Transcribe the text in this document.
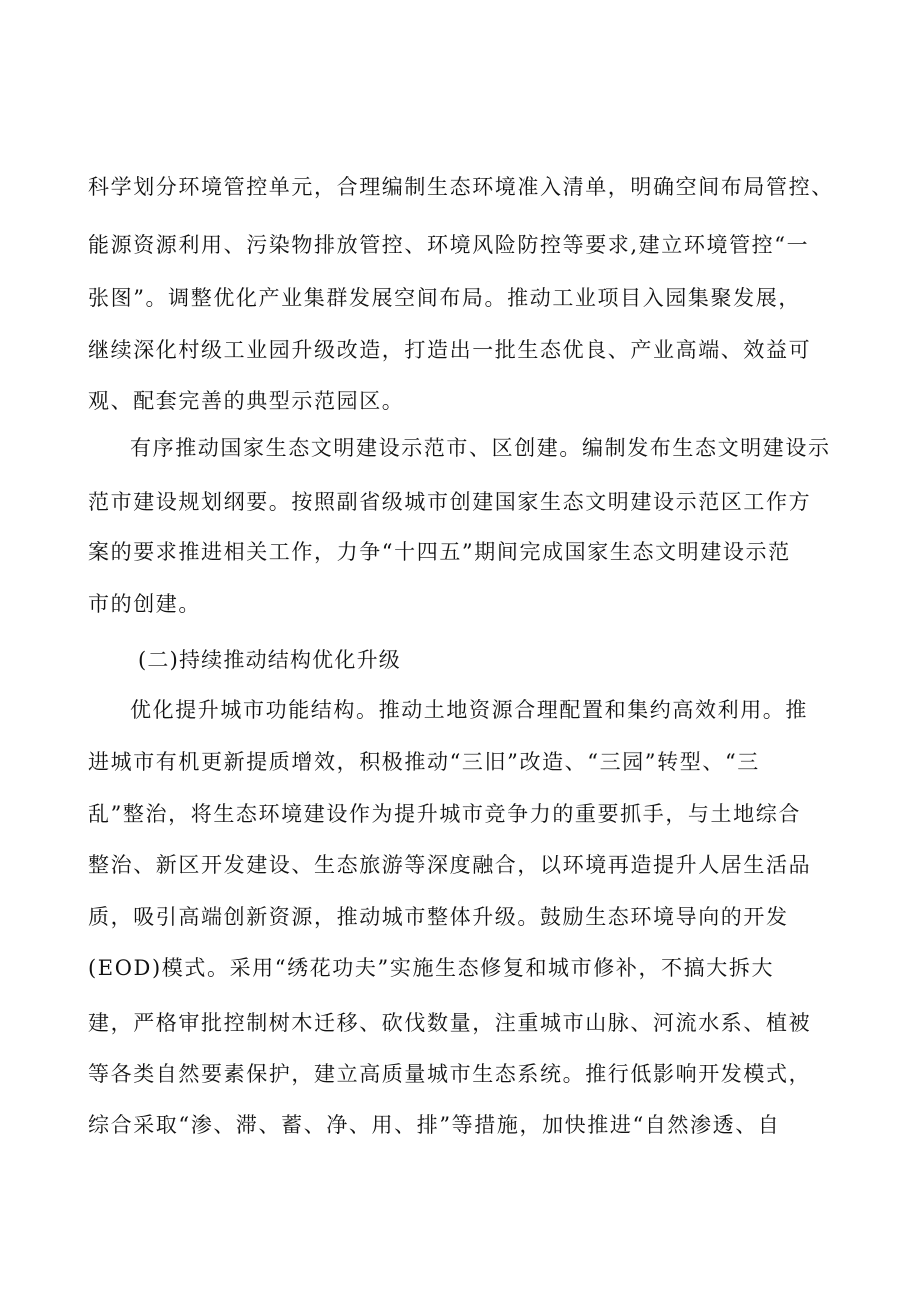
科学划分环境管控单元，合理编制生态环境准入清单，明确空间布局管控、
能源资源利用、污染物排放管控、环境风险防控等要求,建立环境管控“一
张图”。调整优化产业集群发展空间布局。推动工业项目入园集聚发展，
继续深化村级工业园升级改造，打造出一批生态优良、产业高端、效益可
观、配套完善的典型示范园区。
有序推动国家生态文明建设示范市、区创建。编制发布生态文明建设示
范市建设规划纲要。按照副省级城市创建国家生态文明建设示范区工作方
案的要求推进相关工作，力争“十四五”期间完成国家生态文明建设示范
市的创建。
(二)持续推动结构优化升级
优化提升城市功能结构。推动土地资源合理配置和集约高效利用。推
进城市有机更新提质增效，积极推动“三旧”改造、“三园”转型、“三
乱”整治，将生态环境建设作为提升城市竞争力的重要抓手，与土地综合
整治、新区开发建设、生态旅游等深度融合，以环境再造提升人居生活品
质，吸引高端创新资源，推动城市整体升级。鼓励生态环境导向的开发
(EOD)模式。采用“绣花功夫”实施生态修复和城市修补，不搞大拆大
建，严格审批控制树木迁移、砍伐数量，注重城市山脉、河流水系、植被
等各类自然要素保护，建立高质量城市生态系统。推行低影响开发模式，
综合采取“渗、滞、蓄、净、用、排”等措施，加快推进“自然渗透、自
